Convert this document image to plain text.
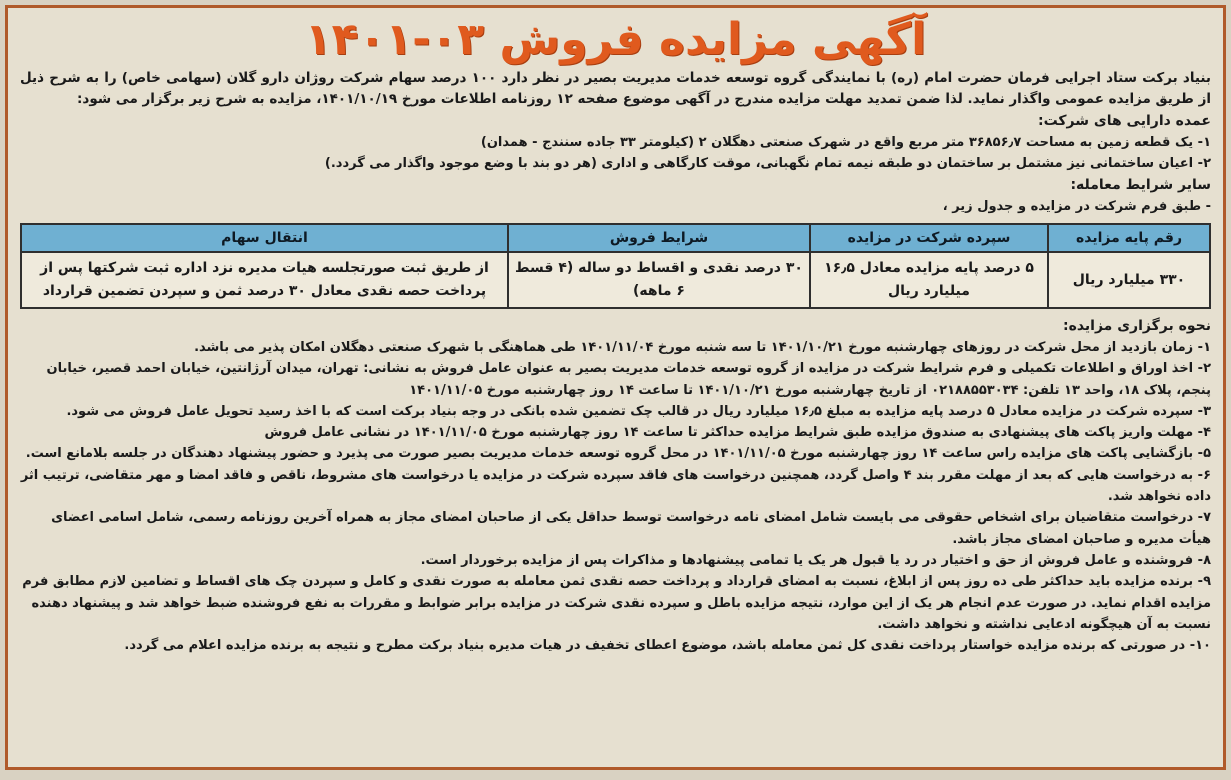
آگهی مزایده فروش ۰۳-۱۴۰۱

بنیاد برکت ستاد اجرایی فرمان حضرت امام (ره) با نمایندگی گروه توسعه خدمات مدیریت بصیر در نظر دارد ۱۰۰ درصد سهام شرکت روژان دارو گلان (سهامی خاص) را به شرح ذیل از طریق مزایده عمومی واگذار نماید. لذا ضمن تمدید مهلت مزایده مندرج در آگهی موضوع صفحه ۱۲ روزنامه اطلاعات مورخ ۱۴۰۱/۱۰/۱۹، مزایده به شرح زیر برگزار می شود:

عمده دارایی های شرکت:

۱- یک قطعه زمین به مساحت ۳۶۸۵۶٫۷ متر مربع واقع در شهرک صنعتی دهگلان ۲ (کیلومتر ۳۳ جاده سنندج - همدان)

۲- اعیان ساختمانی نیز مشتمل بر ساختمان دو طبقه نیمه تمام نگهبانی، موقت کارگاهی و اداری (هر دو بند با وضع موجود واگذار می گردد.)

سایر شرایط معامله:

- طبق فرم شرکت در مزایده و جدول زیر ،

رقم پایه مزایده	سپرده شرکت در مزایده	شرایط فروش	انتقال سهام
۳۳۰ میلیارد ریال	۵ درصد پایه مزایده معادل ۱۶٫۵ میلیارد ریال	۳۰ درصد نقدی و اقساط دو ساله (۴ قسط ۶ ماهه)	از طریق ثبت صورتجلسه هیات مدیره نزد اداره ثبت شرکتها پس از پرداخت حصه نقدی معادل ۳۰ درصد ثمن و سپردن تضمین قرارداد

نحوه برگزاری مزایده:

۱- زمان بازدید از محل شرکت در روزهای چهارشنبه مورخ ۱۴۰۱/۱۰/۲۱ تا سه شنبه مورخ ۱۴۰۱/۱۱/۰۴ طی هماهنگی با شهرک صنعتی دهگلان امکان پذیر می باشد.

۲- اخذ اوراق و اطلاعات تکمیلی و فرم شرایط شرکت در مزایده از گروه توسعه خدمات مدیریت بصیر به عنوان عامل فروش به نشانی: تهران، میدان آرژانتین، خیابان احمد قصیر، خیابان پنجم، پلاک ۱۸، واحد ۱۳ تلفن: ۰۲۱۸۸۵۵۳۰۳۴ از تاریخ چهارشنبه مورخ ۱۴۰۱/۱۰/۲۱ تا ساعت ۱۴ روز چهارشنبه مورخ ۱۴۰۱/۱۱/۰۵

۳- سپرده شرکت در مزایده معادل ۵ درصد پایه مزایده به مبلغ ۱۶٫۵ میلیارد ریال در قالب چک تضمین شده بانکی در وجه بنیاد برکت است که با اخذ رسید تحویل عامل فروش می شود.

۴- مهلت واریز پاکت های پیشنهادی به صندوق مزایده طبق شرایط مزایده حداکثر تا ساعت ۱۴ روز چهارشنبه مورخ ۱۴۰۱/۱۱/۰۵ در نشانی عامل فروش

۵- بازگشایی پاکت های مزایده راس ساعت ۱۴ روز چهارشنبه مورخ ۱۴۰۱/۱۱/۰۵ در محل گروه توسعه خدمات مدیریت بصیر صورت می پذیرد و حضور پیشنهاد دهندگان در جلسه بلامانع است.

۶- به درخواست هایی که بعد از مهلت مقرر بند ۴ واصل گردد، همچنین درخواست های فاقد سپرده شرکت در مزایده یا درخواست های مشروط، ناقص و فاقد امضا و مهر متقاضی، ترتیب اثر داده نخواهد شد.

۷- درخواست متقاضیان برای اشخاص حقوقی می بایست شامل امضای نامه درخواست توسط حداقل یکی از صاحبان امضای مجاز به همراه آخرین روزنامه رسمی، شامل اسامی اعضای هیأت مدیره و صاحبان امضای مجاز باشد.

۸- فروشنده و عامل فروش از حق و اختیار در رد یا قبول هر یک یا تمامی پیشنهادها و مذاکرات پس از مزایده برخوردار است.

۹- برنده مزایده باید حداکثر طی ده روز پس از ابلاغ، نسبت به امضای قرارداد و پرداخت حصه نقدی ثمن معامله به صورت نقدی و کامل و سپردن چک های اقساط و تضامین لازم مطابق فرم مزایده اقدام نماید. در صورت عدم انجام هر یک از این موارد، نتیجه مزایده باطل و سپرده نقدی شرکت در مزایده برابر ضوابط و مقررات به نفع فروشنده ضبط خواهد شد و پیشنهاد دهنده نسبت به آن هیچگونه ادعایی نداشته و نخواهد داشت.

۱۰- در صورتی که برنده مزایده خواستار پرداخت نقدی کل ثمن معامله باشد، موضوع اعطای تخفیف در هیات مدیره بنیاد برکت مطرح و نتیجه به برنده مزایده اعلام می گردد.
